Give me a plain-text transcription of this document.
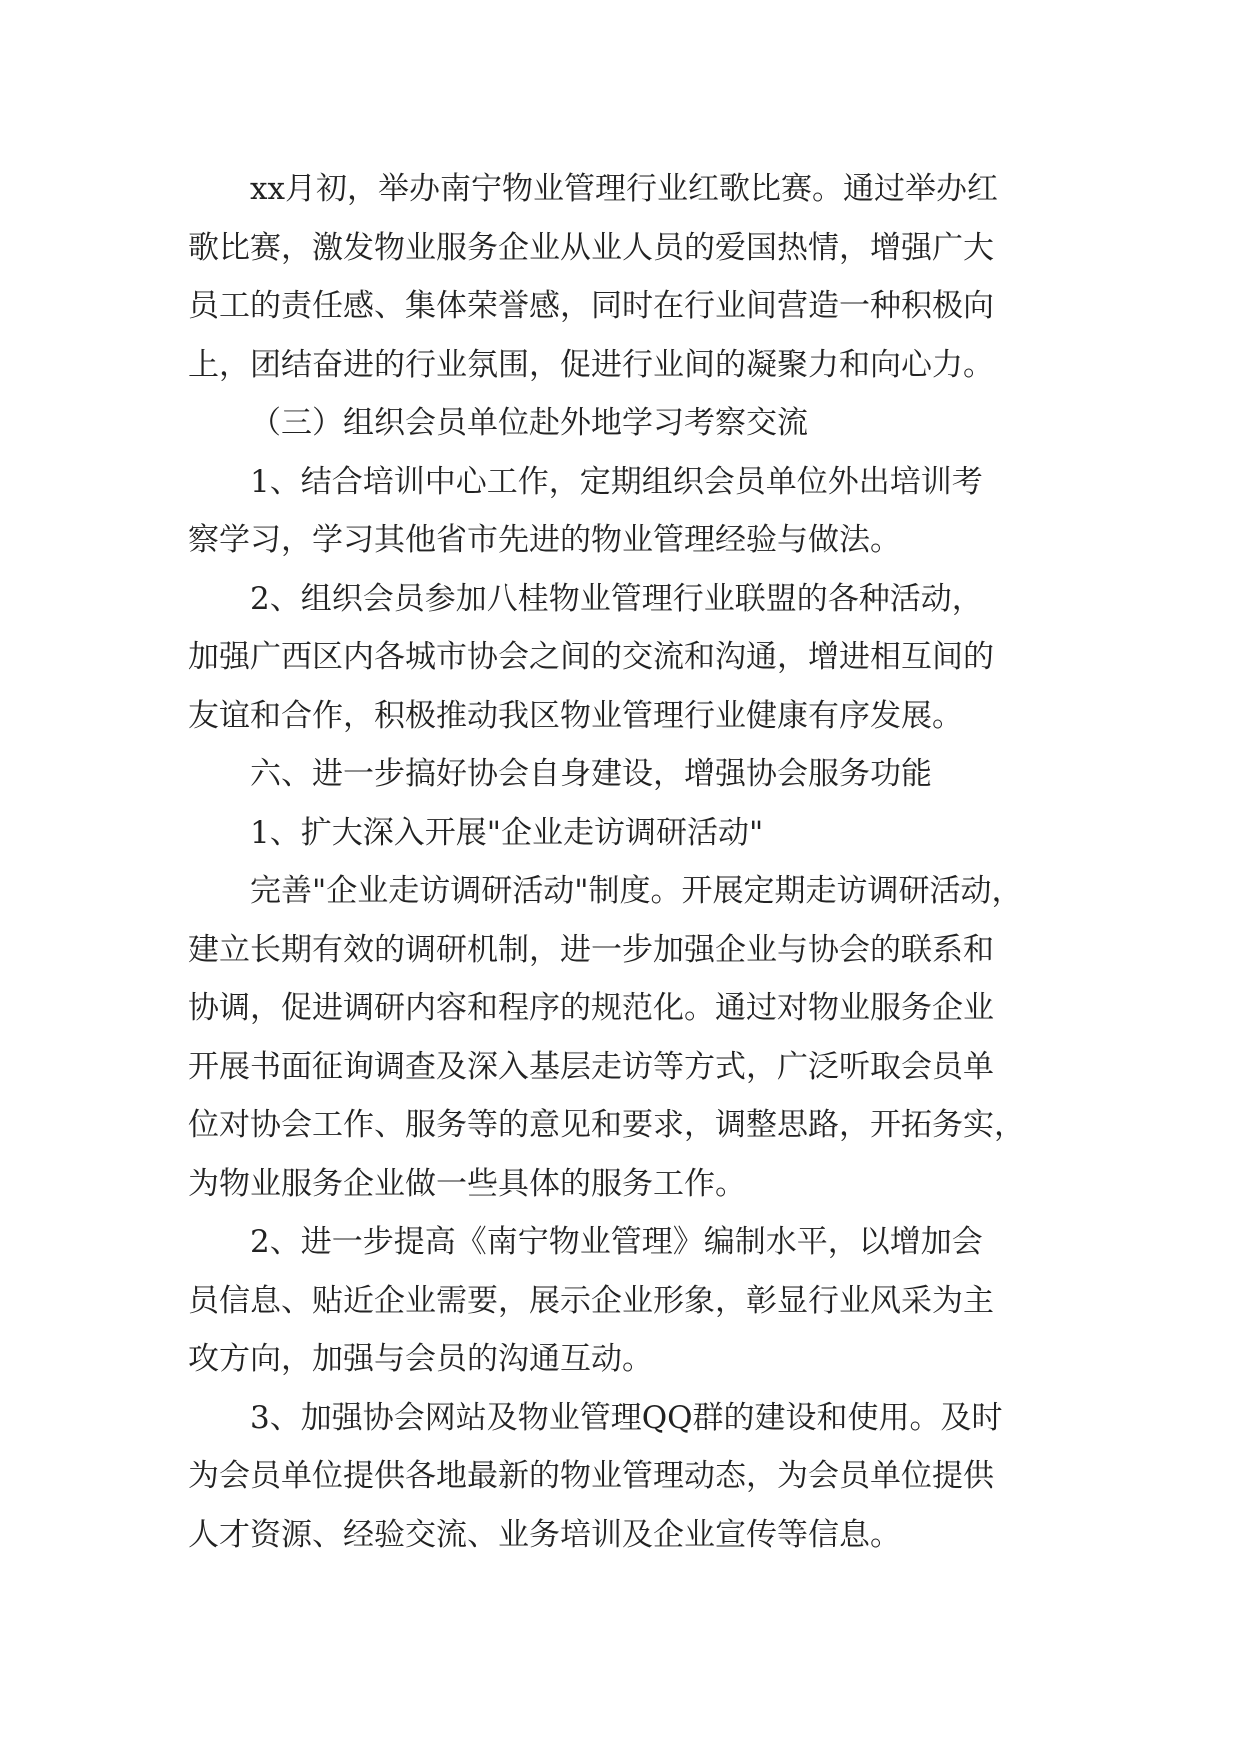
xx月初，举办南宁物业管理行业红歌比赛。通过举办红
歌比赛，激发物业服务企业从业人员的爱国热情，增强广大
员工的责任感、集体荣誉感，同时在行业间营造一种积极向
上，团结奋进的行业氛围，促进行业间的凝聚力和向心力。
（三）组织会员单位赴外地学习考察交流
1、结合培训中心工作，定期组织会员单位外出培训考
察学习，学习其他省市先进的物业管理经验与做法。
2、组织会员参加八桂物业管理行业联盟的各种活动，
加强广西区内各城市协会之间的交流和沟通，增进相互间的
友谊和合作，积极推动我区物业管理行业健康有序发展。
六、进一步搞好协会自身建设，增强协会服务功能
1、扩大深入开展"企业走访调研活动"
完善"企业走访调研活动"制度。开展定期走访调研活动，
建立长期有效的调研机制，进一步加强企业与协会的联系和
协调，促进调研内容和程序的规范化。通过对物业服务企业
开展书面征询调查及深入基层走访等方式，广泛听取会员单
位对协会工作、服务等的意见和要求，调整思路，开拓务实，
为物业服务企业做一些具体的服务工作。
2、进一步提高《南宁物业管理》编制水平，以增加会
员信息、贴近企业需要，展示企业形象，彰显行业风采为主
攻方向，加强与会员的沟通互动。
3、加强协会网站及物业管理QQ群的建设和使用。及时
为会员单位提供各地最新的物业管理动态，为会员单位提供
人才资源、经验交流、业务培训及企业宣传等信息。
